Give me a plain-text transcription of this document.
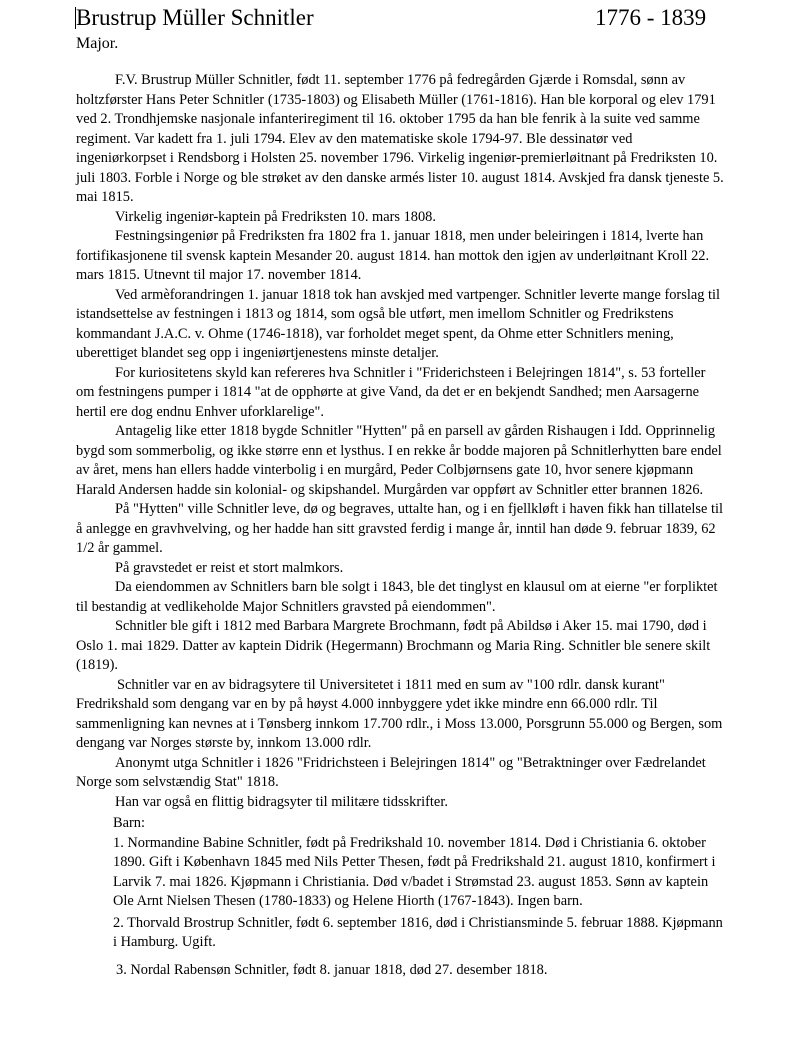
Brustrup Müller Schnitler	1776 - 1839
Major.

F.V. Brustrup Müller Schnitler, født 11. september 1776 på fedregården Gjærde i Romsdal, sønn av holtzførster Hans Peter Schnitler (1735-1803) og Elisabeth Müller (1761-1816). Han ble korporal og elev 1791 ved 2. Trondhjemske nasjonale infanteriregiment til 16. oktober 1795 da han ble fenrik à la suite ved samme regiment. Var kadett fra 1. juli 1794. Elev av den matematiske skole 1794-97. Ble dessinatør ved ingeniørkorpset i Rendsborg i Holsten 25. november 1796. Virkelig ingeniør-premierløitnant på Fredriksten 10. juli 1803. Forble i Norge og ble strøket av den danske armés lister 10. august 1814. Avskjed fra dansk tjeneste 5. mai 1815.

Virkelig ingeniør-kaptein på Fredriksten 10. mars 1808.

Festningsingeniør på Fredriksten fra 1802 fra 1. januar 1818, men under beleiringen i 1814, lverte han fortifikasjonene til svensk kaptein Mesander 20. august 1814. han mottok den igjen av underløitnant Kroll 22. mars 1815. Utnevnt til major 17. november 1814.

Ved armèforandringen 1. januar 1818 tok han avskjed med vartpenger. Schnitler leverte mange forslag til istandsettelse av festningen i 1813 og 1814, som også ble utført, men imellom Schnitler og Fredrikstens kommandant J.A.C. v. Ohme (1746-1818), var forholdet meget spent, da Ohme etter Schnitlers mening, uberettiget blandet seg opp i ingeniørtjenestens minste detaljer.

For kuriositetens skyld kan refereres hva Schnitler i "Friderichsteen i Belejringen 1814", s. 53 forteller om festningens pumper i 1814 "at de opphørte at give Vand, da det er en bekjendt Sandhed; men Aarsagerne hertil ere dog endnu Enhver uforklarelige".

Antagelig like etter 1818 bygde Schnitler "Hytten" på en parsell av gården Rishaugen i Idd. Opprinnelig bygd som sommerbolig, og ikke større enn et lysthus. I en rekke år bodde majoren på Schnitlerhytten bare endel av året, mens han ellers hadde vinterbolig i en murgård, Peder Colbjørnsens gate 10, hvor senere kjøpmann Harald Andersen hadde sin kolonial- og skipshandel. Murgården var oppført av Schnitler etter brannen 1826.

På "Hytten" ville Schnitler leve, dø og begraves, uttalte han, og i en fjellkløft i haven fikk han tillatelse til å anlegge en gravhvelving, og her hadde han sitt gravsted ferdig i mange år, inntil han døde 9. februar 1839, 62 1/2 år gammel.

På gravstedet er reist et stort malmkors.

Da eiendommen av Schnitlers barn ble solgt i 1843, ble det tinglyst en klausul om at eierne "er forpliktet til bestandig at vedlikeholde Major Schnitlers gravsted på eiendommen".

Schnitler ble gift i 1812 med Barbara Margrete Brochmann, født på Abildsø i Aker 15. mai 1790, død i Oslo 1. mai 1829. Datter av kaptein Didrik (Hegermann) Brochmann og Maria Ring. Schnitler ble senere skilt (1819).

Schnitler var en av bidragsytere til Universitetet i 1811 med en sum av "100 rdlr. dansk kurant" Fredrikshald som dengang var en by på høyst 4.000 innbyggere ydet ikke mindre enn 66.000 rdlr. Til sammenligning kan nevnes at i Tønsberg innkom 17.700 rdlr., i Moss 13.000, Porsgrunn 55.000 og Bergen, som dengang var Norges største by, innkom 13.000 rdlr.

Anonymt utga Schnitler i 1826 "Fridrichsteen i Belejringen 1814" og "Betraktninger over Fædrelandet Norge som selvstændig Stat" 1818.

Han var også en flittig bidragsyter til militære tidsskrifter.

Barn:

1. Normandine Babine Schnitler, født på Fredrikshald 10. november 1814. Død i Christiania 6. oktober 1890. Gift i København 1845 med Nils Petter Thesen, født på Fredrikshald 21. august 1810, konfirmert i Larvik 7. mai 1826. Kjøpmann i Christiania. Død v/badet i Strømstad 23. august 1853. Sønn av kaptein Ole Arnt Nielsen Thesen (1780-1833) og Helene Hiorth (1767-1843). Ingen barn.

2. Thorvald Brostrup Schnitler, født 6. september 1816, død i Christiansminde 5. februar 1888. Kjøpmann i Hamburg. Ugift.

3. Nordal Rabensøn Schnitler, født 8. januar 1818, død 27. desember 1818.
